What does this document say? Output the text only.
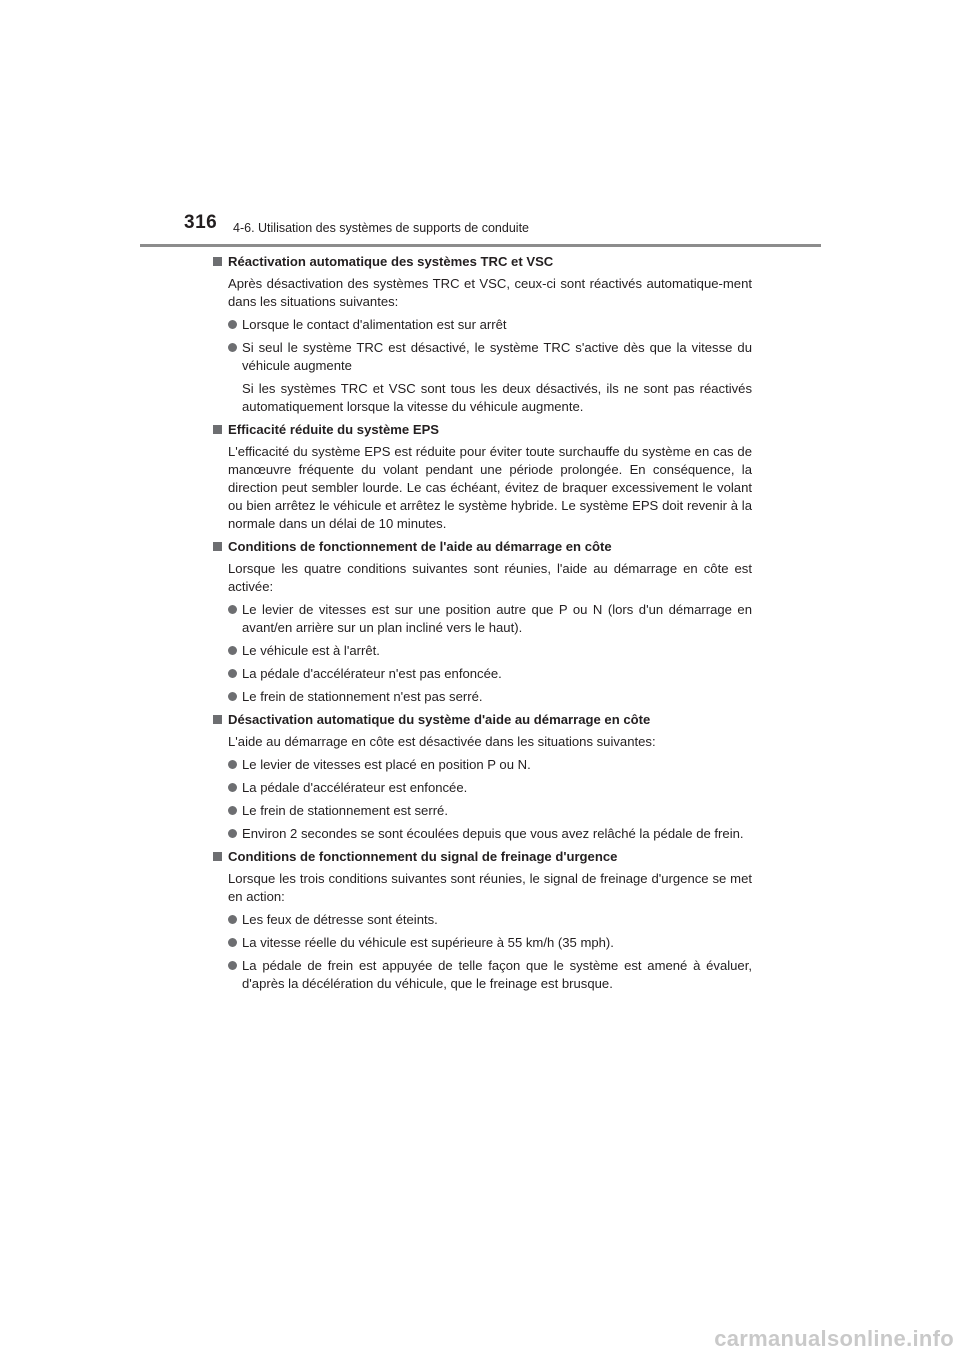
316 4-6. Utilisation des systèmes de supports de conduite
Réactivation automatique des systèmes TRC et VSC

Après désactivation des systèmes TRC et VSC, ceux-ci sont réactivés automatique-ment dans les situations suivantes:

Lorsque le contact d'alimentation est sur arrêt
Si seul le système TRC est désactivé, le système TRC s'active dès que la vitesse du véhicule augmente

Si les systèmes TRC et VSC sont tous les deux désactivés, ils ne sont pas réactivés automatiquement lorsque la vitesse du véhicule augmente.

Efficacité réduite du système EPS

L'efficacité du système EPS est réduite pour éviter toute surchauffe du système en cas de manœuvre fréquente du volant pendant une période prolongée. En conséquence, la direction peut sembler lourde. Le cas échéant, évitez de braquer excessivement le volant ou bien arrêtez le véhicule et arrêtez le système hybride. Le système EPS doit revenir à la normale dans un délai de 10 minutes.

Conditions de fonctionnement de l'aide au démarrage en côte

Lorsque les quatre conditions suivantes sont réunies, l'aide au démarrage en côte est activée:

Le levier de vitesses est sur une position autre que P ou N (lors d'un démarrage en avant/en arrière sur un plan incliné vers le haut).
Le véhicule est à l'arrêt.
La pédale d'accélérateur n'est pas enfoncée.
Le frein de stationnement n'est pas serré.
Désactivation automatique du système d'aide au démarrage en côte

L'aide au démarrage en côte est désactivée dans les situations suivantes:

Le levier de vitesses est placé en position P ou N.
La pédale d'accélérateur est enfoncée.
Le frein de stationnement est serré.
Environ 2 secondes se sont écoulées depuis que vous avez relâché la pédale de frein.
Conditions de fonctionnement du signal de freinage d'urgence

Lorsque les trois conditions suivantes sont réunies, le signal de freinage d'urgence se met en action:

Les feux de détresse sont éteints.
La vitesse réelle du véhicule est supérieure à 55 km/h (35 mph).
La pédale de frein est appuyée de telle façon que le système est amené à évaluer, d'après la décélération du véhicule, que le freinage est brusque.
carmanualsonline.info
